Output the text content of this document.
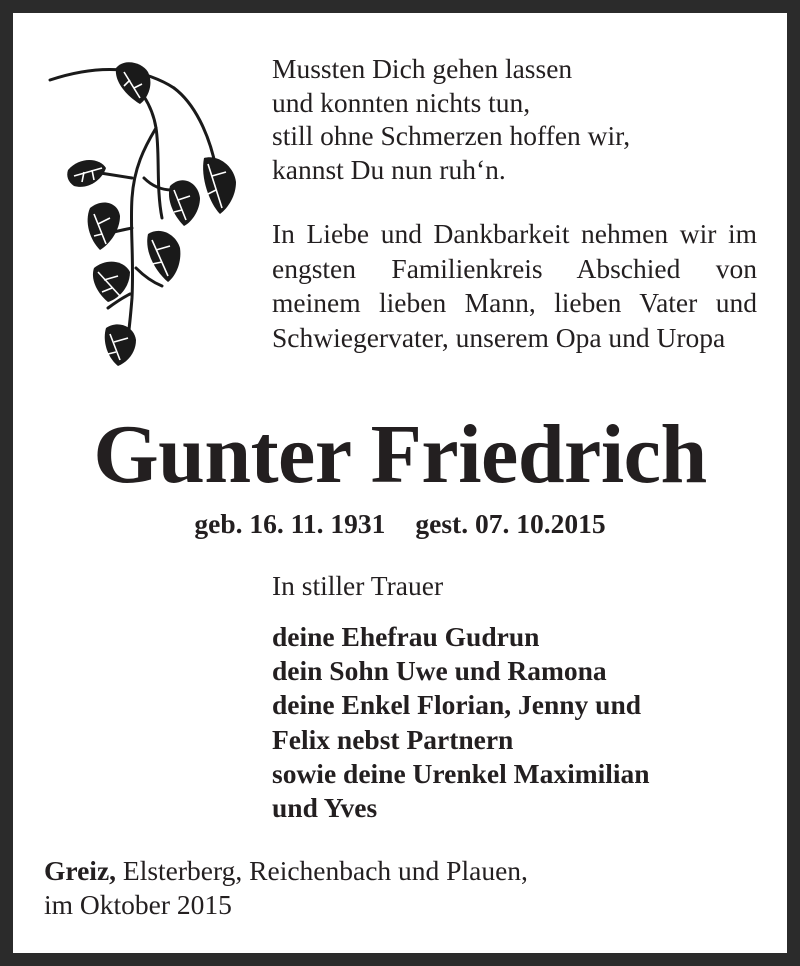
Mussten Dich gehen lassen
und konnten nichts tun,
still ohne Schmerzen hoffen wir,
kannst Du nun ruh‘n.
In Liebe und Dankbarkeit nehmen wir im engsten Familienkreis Abschied von meinem lieben Mann, lieben Vater und Schwiegervater, unserem Opa und Uropa
Gunter Friedrich
geb. 16. 11. 1931 gest. 07. 10.2015
In stiller Trauer
deine Ehefrau Gudrun
dein Sohn Uwe und Ramona
deine Enkel Florian, Jenny und
Felix nebst Partnern
sowie deine Urenkel Maximilian
und Yves
Greiz, Elsterberg, Reichenbach und Plauen,
im Oktober 2015
